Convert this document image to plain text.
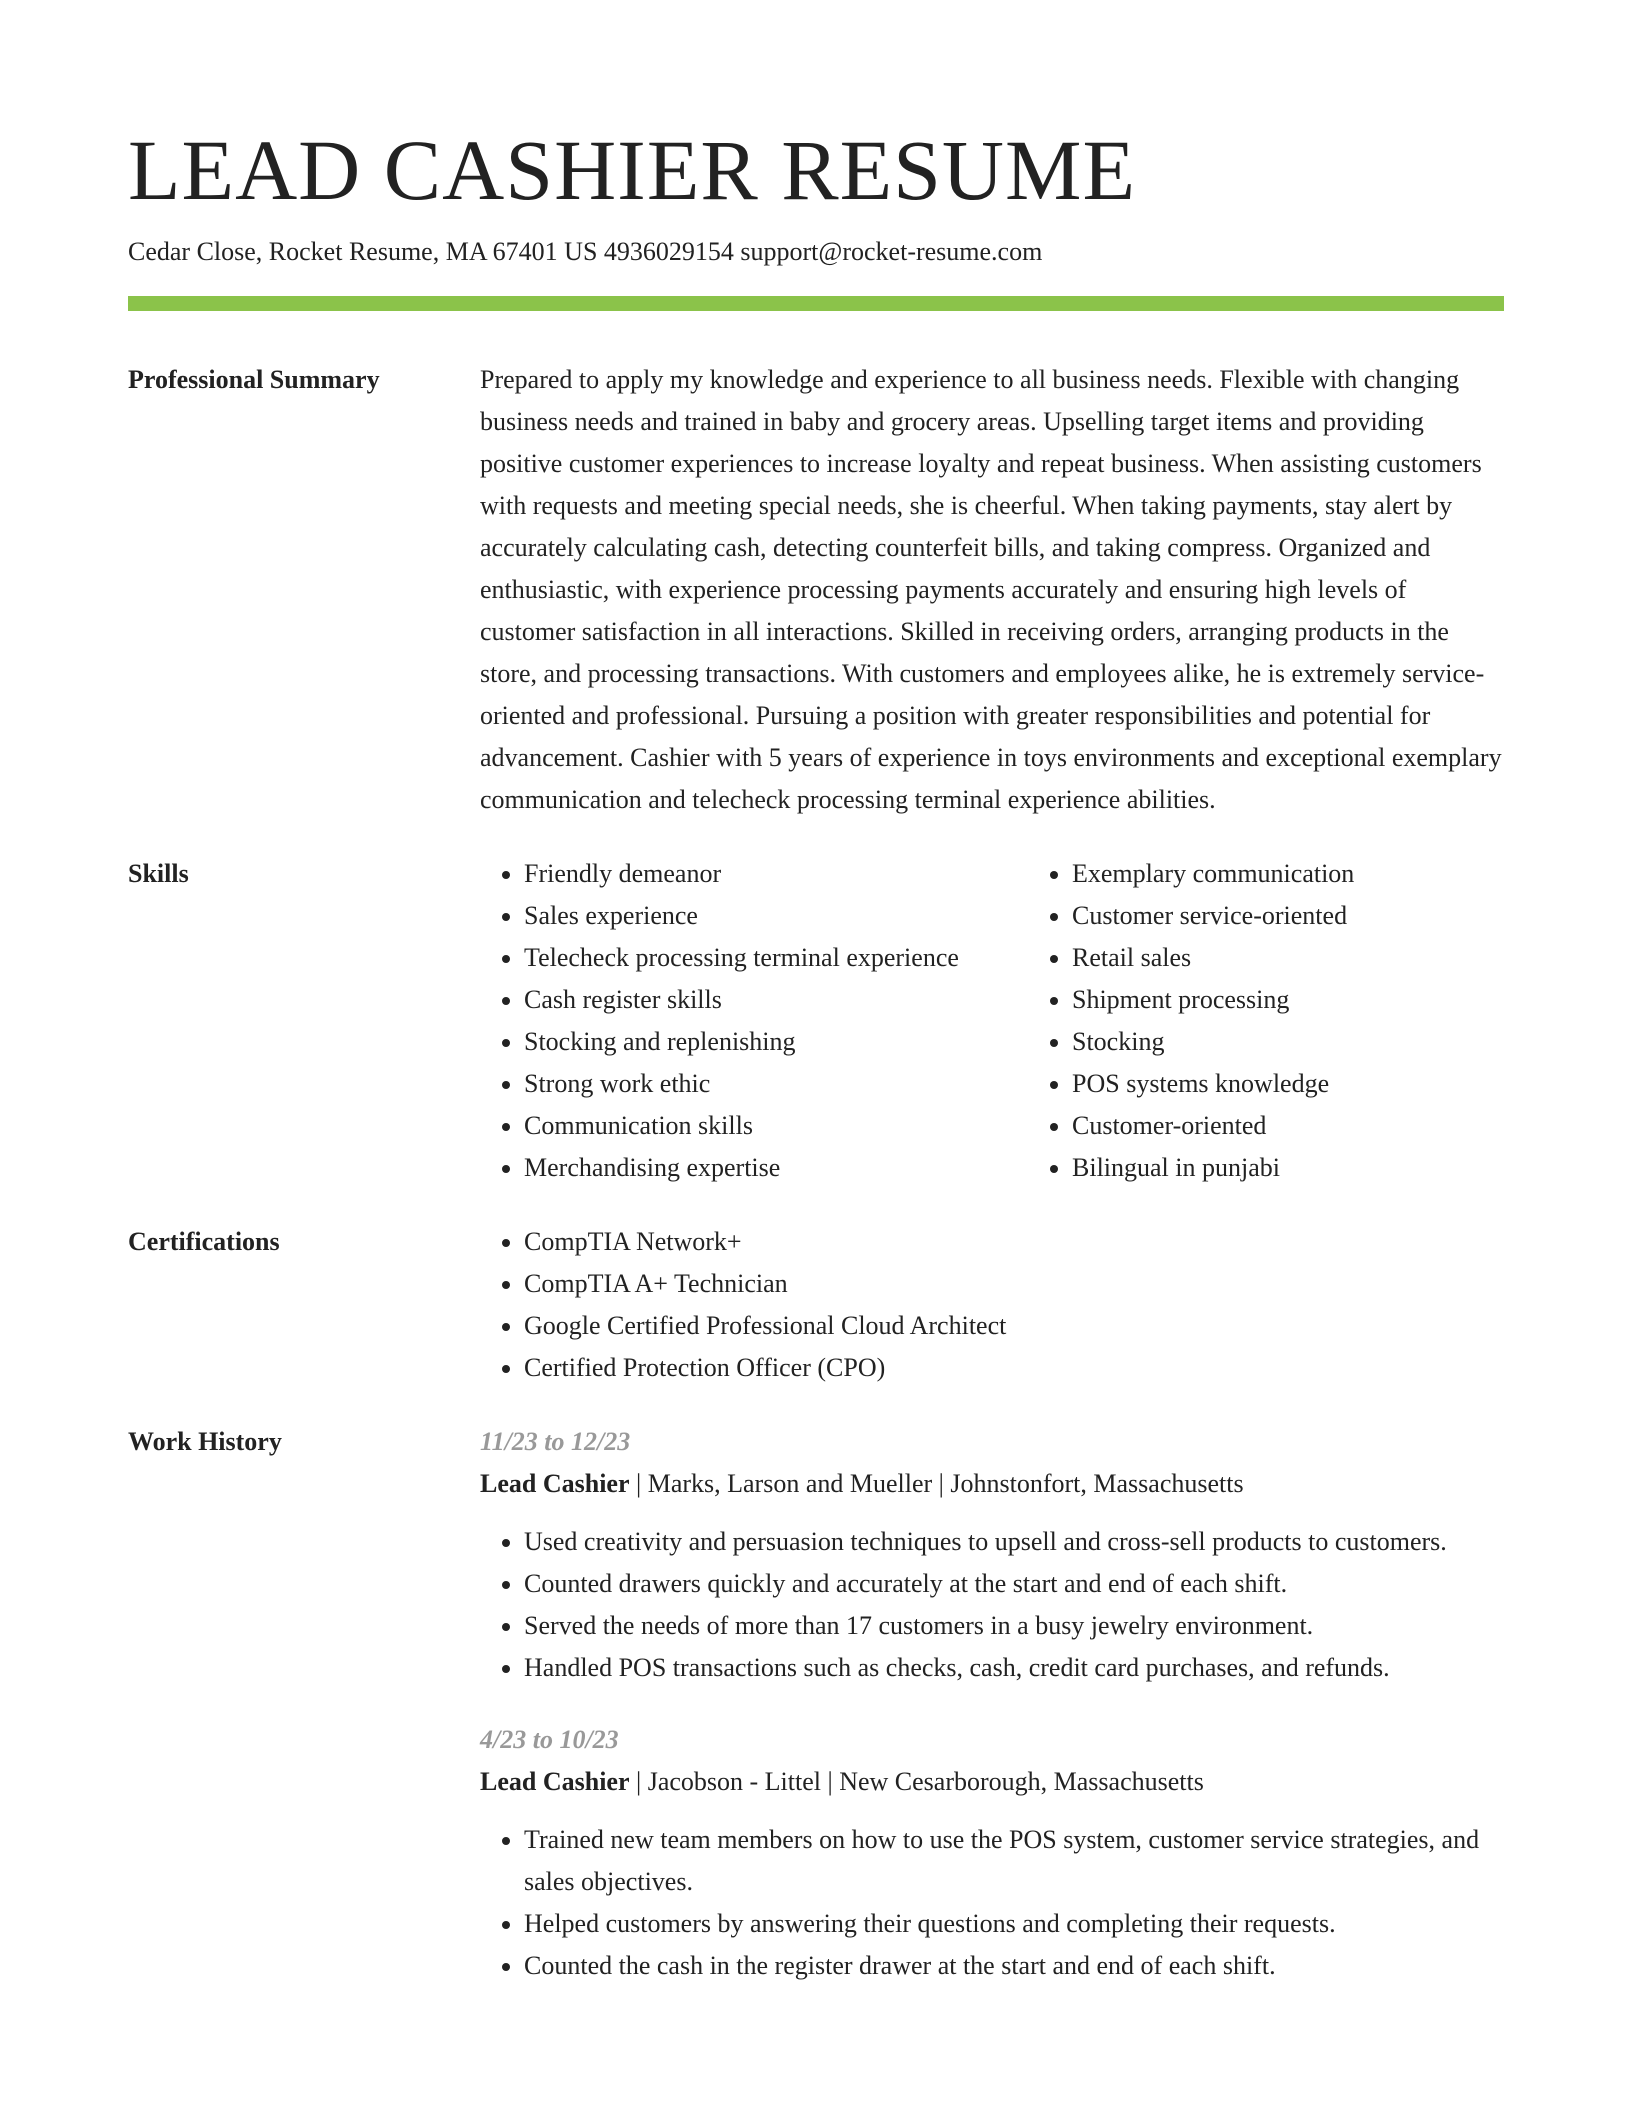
LEAD CASHIER RESUME
Cedar Close, Rocket Resume, MA 67401 US 4936029154 support@rocket-resume.com
Professional Summary	Prepared to apply my knowledge and experience to all business needs. Flexible with changing business needs and trained in baby and grocery areas. Upselling target items and providing positive customer experiences to increase loyalty and repeat business. When assisting customers with requests and meeting special needs, she is cheerful. When taking payments, stay alert by accurately calculating cash, detecting counterfeit bills, and taking compress. Organized and enthusiastic, with experience processing payments accurately and ensuring high levels of customer satisfaction in all interactions. Skilled in receiving orders, arranging products in the store, and processing transactions. With customers and employees alike, he is extremely service-oriented and professional. Pursuing a position with greater responsibilities and potential for advancement. Cashier with 5 years of experience in toys environments and exceptional exemplary communication and telecheck processing terminal experience abilities.

Skills	• Friendly demeanor
• Sales experience
• Telecheck processing terminal experience
• Cash register skills
• Stocking and replenishing
• Strong work ethic
• Communication skills
• Merchandising expertise
• Exemplary communication
• Customer service-oriented
• Retail sales
• Shipment processing
• Stocking
• POS systems knowledge
• Customer-oriented
• Bilingual in punjabi
Certifications	• CompTIA Network+
• CompTIA A+ Technician
• Google Certified Professional Cloud Architect
• Certified Protection Officer (CPO)
Work History	11/23 to 12/23
Lead Cashier | Marks, Larson and Mueller | Johnstonfort, Massachusetts
• Used creativity and persuasion techniques to upsell and cross-sell products to customers.
• Counted drawers quickly and accurately at the start and end of each shift.
• Served the needs of more than 17 customers in a busy jewelry environment.
• Handled POS transactions such as checks, cash, credit card purchases, and refunds.
4/23 to 10/23
Lead Cashier | Jacobson - Littel | New Cesarborough, Massachusetts
• Trained new team members on how to use the POS system, customer service strategies, and sales objectives.
• Helped customers by answering their questions and completing their requests.
• Counted the cash in the register drawer at the start and end of each shift.
